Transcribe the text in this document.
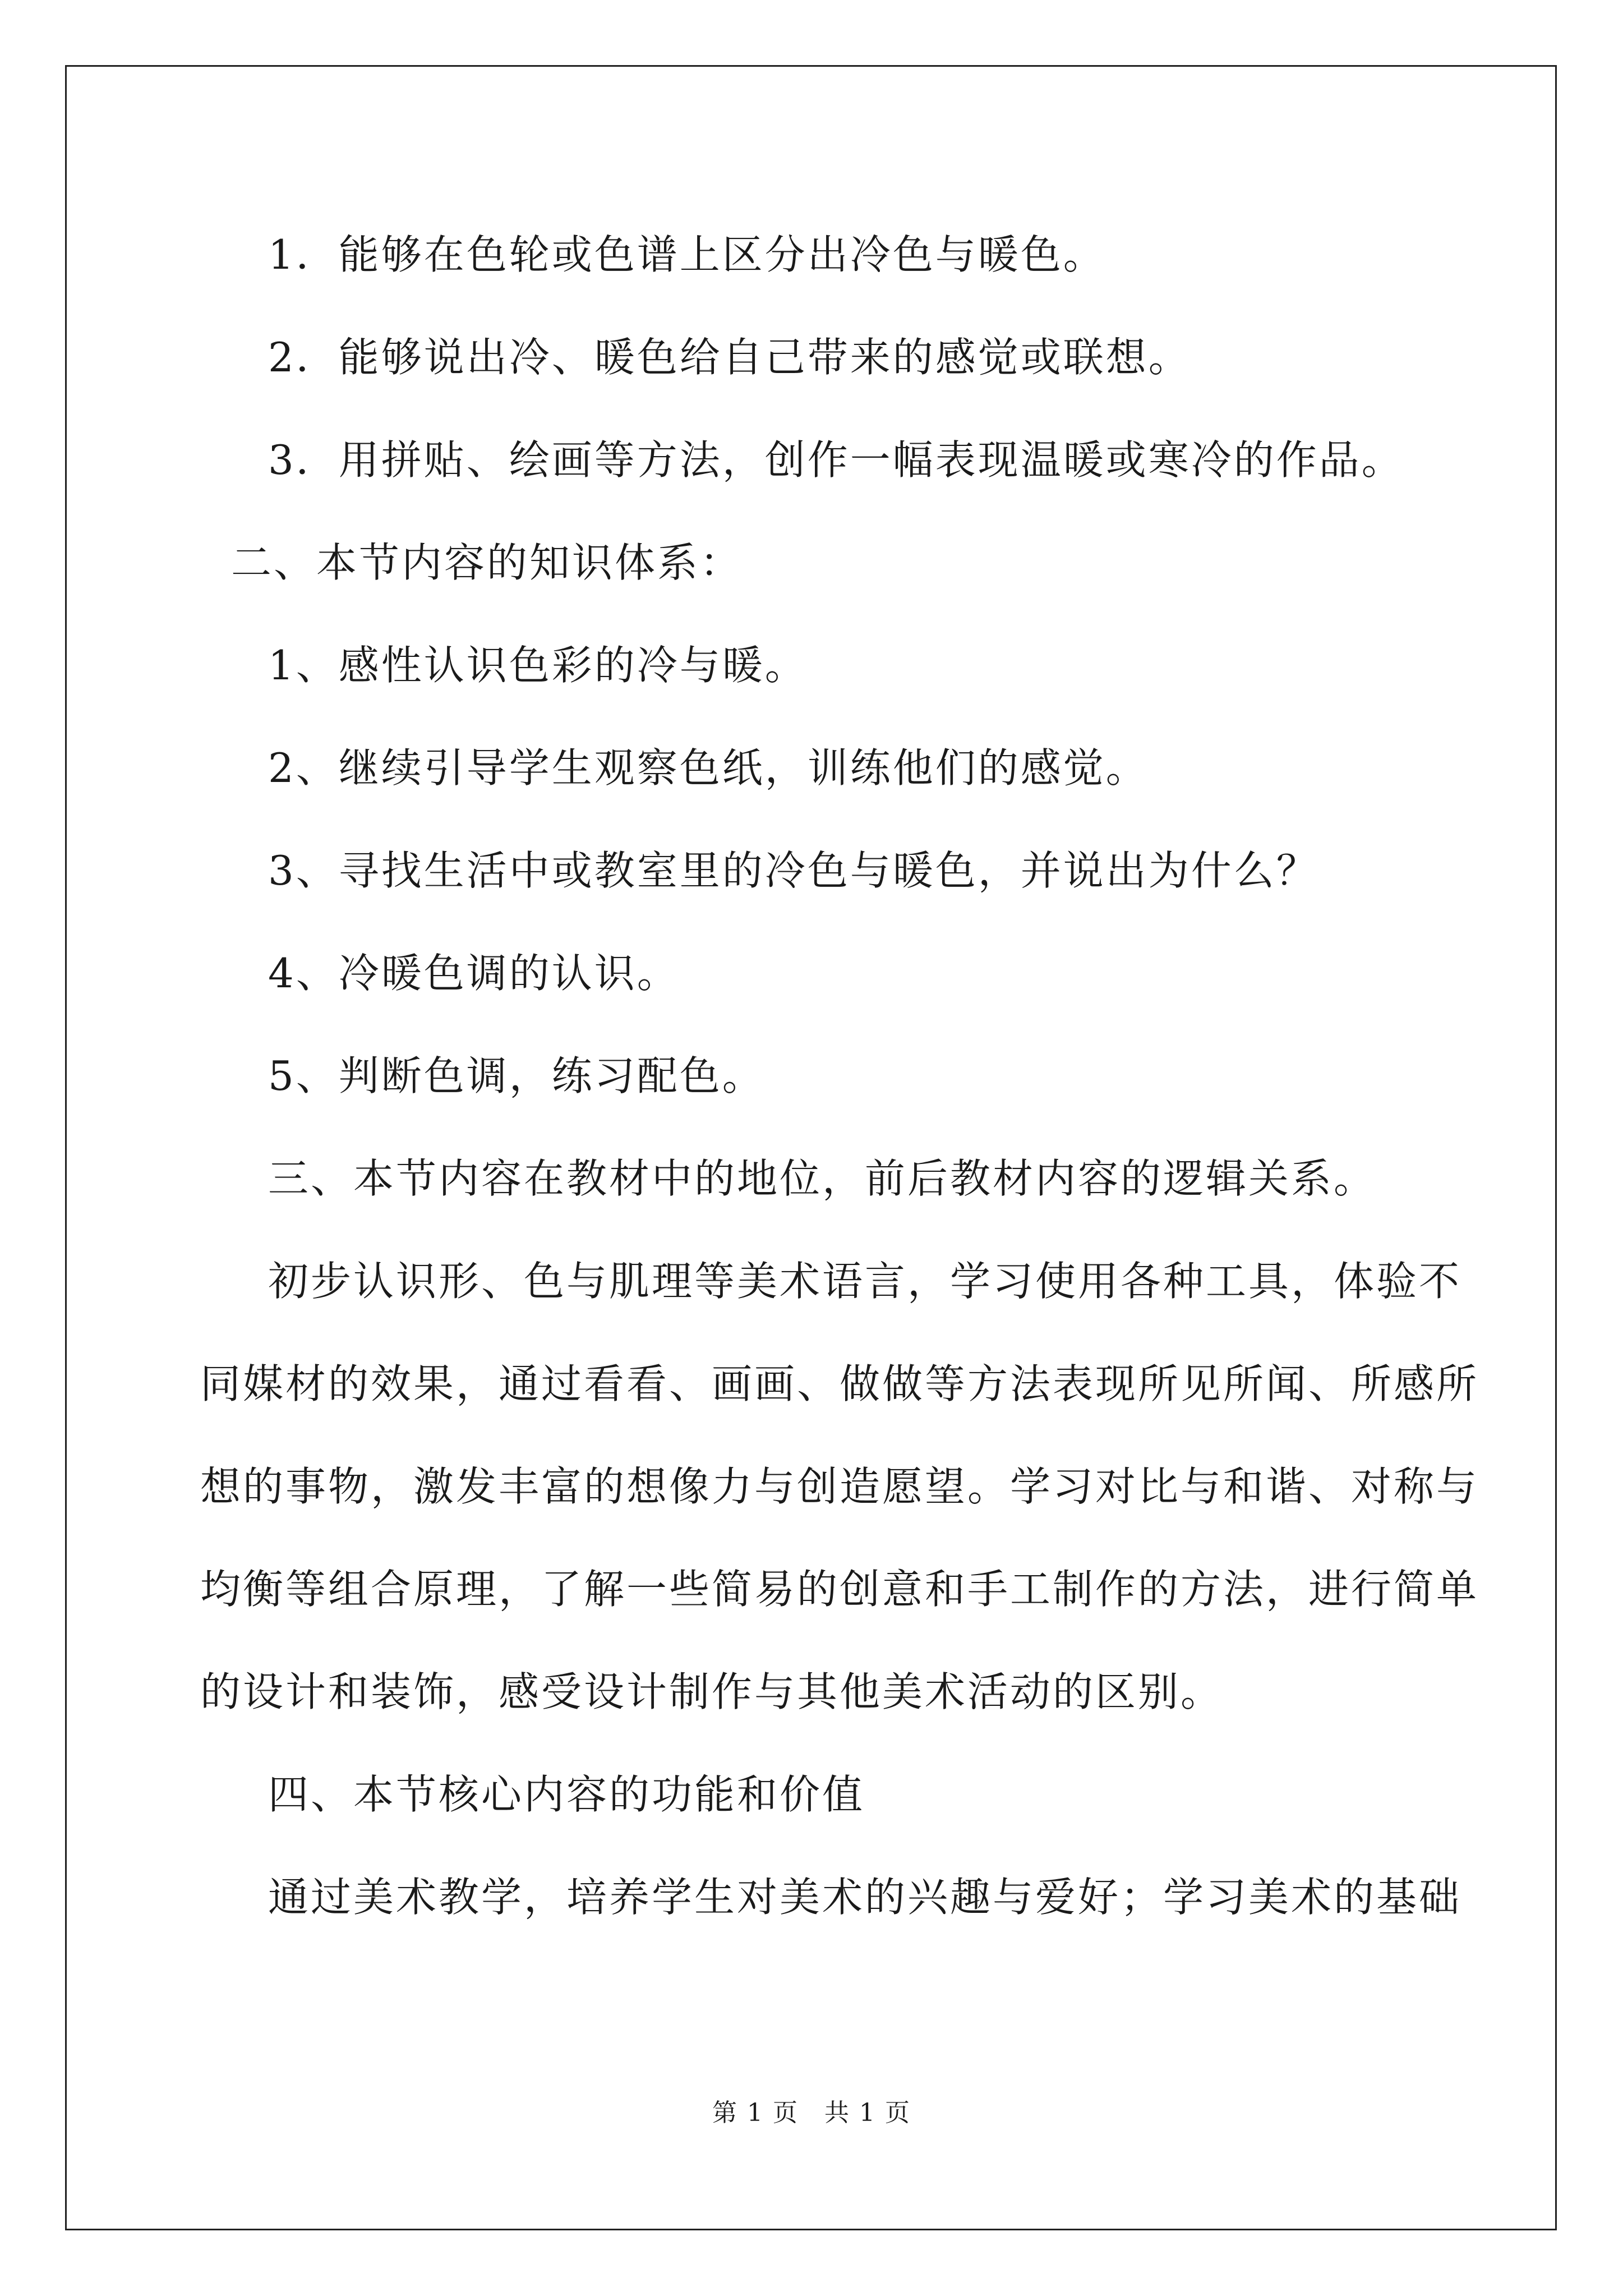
1．能够在色轮或色谱上区分出冷色与暖色。
2．能够说出冷、暖色给自己带来的感觉或联想。
3．用拼贴、绘画等方法，创作一幅表现温暖或寒冷的作品。
二、本节内容的知识体系：
1、感性认识色彩的冷与暖。
2、继续引导学生观察色纸，训练他们的感觉。
3、寻找生活中或教室里的冷色与暖色，并说出为什么？
4、冷暖色调的认识。
5、判断色调，练习配色。
三、本节内容在教材中的地位，前后教材内容的逻辑关系。
初步认识形、色与肌理等美术语言，学习使用各种工具，体验不
同媒材的效果，通过看看、画画、做做等方法表现所见所闻、所感所
想的事物，激发丰富的想像力与创造愿望。学习对比与和谐、对称与
均衡等组合原理，了解一些简易的创意和手工制作的方法，进行简单
的设计和装饰，感受设计制作与其他美术活动的区别。
四、本节核心内容的功能和价值
通过美术教学，培养学生对美术的兴趣与爱好；学习美术的基础
第 1 页　共 1 页
